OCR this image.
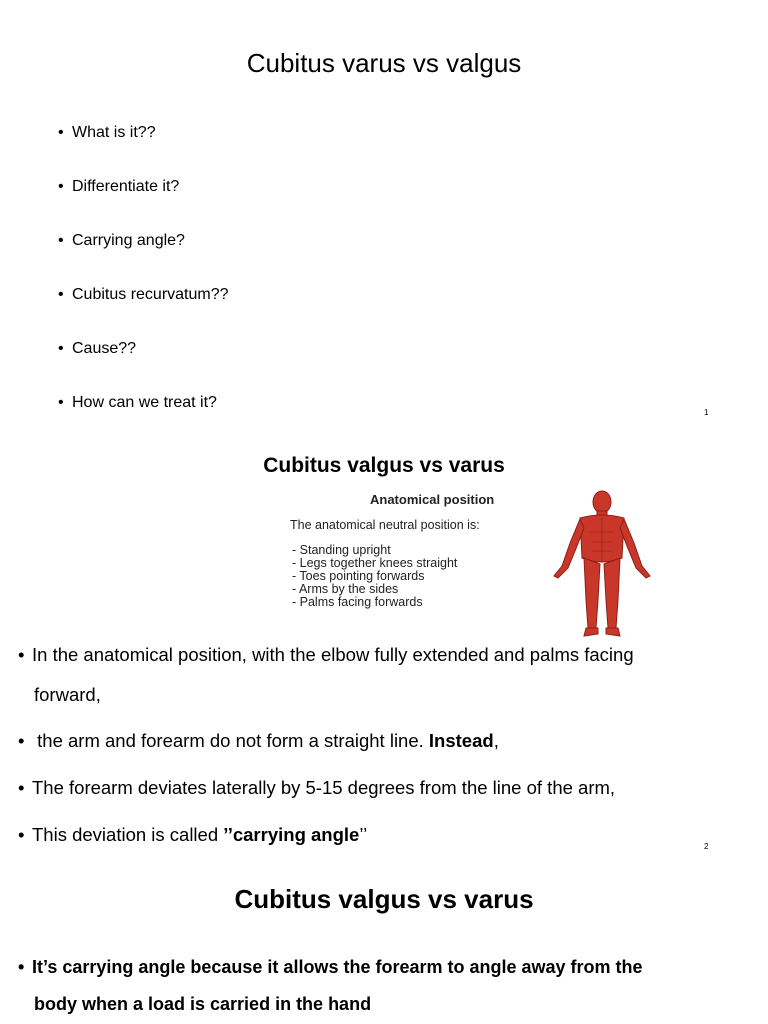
Cubitus varus vs valgus
• What is it??
• Differentiate it?
• Carrying angle?
• Cubitus recurvatum??
• Cause??
• How can we treat it?
1
Cubitus valgus vs varus
Anatomical position
The anatomical neutral position is:
- Standing upright
- Legs together knees straight
- Toes pointing forwards
- Arms by the sides
- Palms facing forwards
• In the anatomical position, with the elbow fully extended and palms facing
forward,
• the arm and forearm do not form a straight line. Instead,
• The forearm deviates laterally by 5-15 degrees from the line of the arm,
• This deviation is called ’’carrying angle’’
2
Cubitus valgus vs varus
• It’s carrying angle because it allows the forearm to angle away from the
body when a load is carried in the hand
